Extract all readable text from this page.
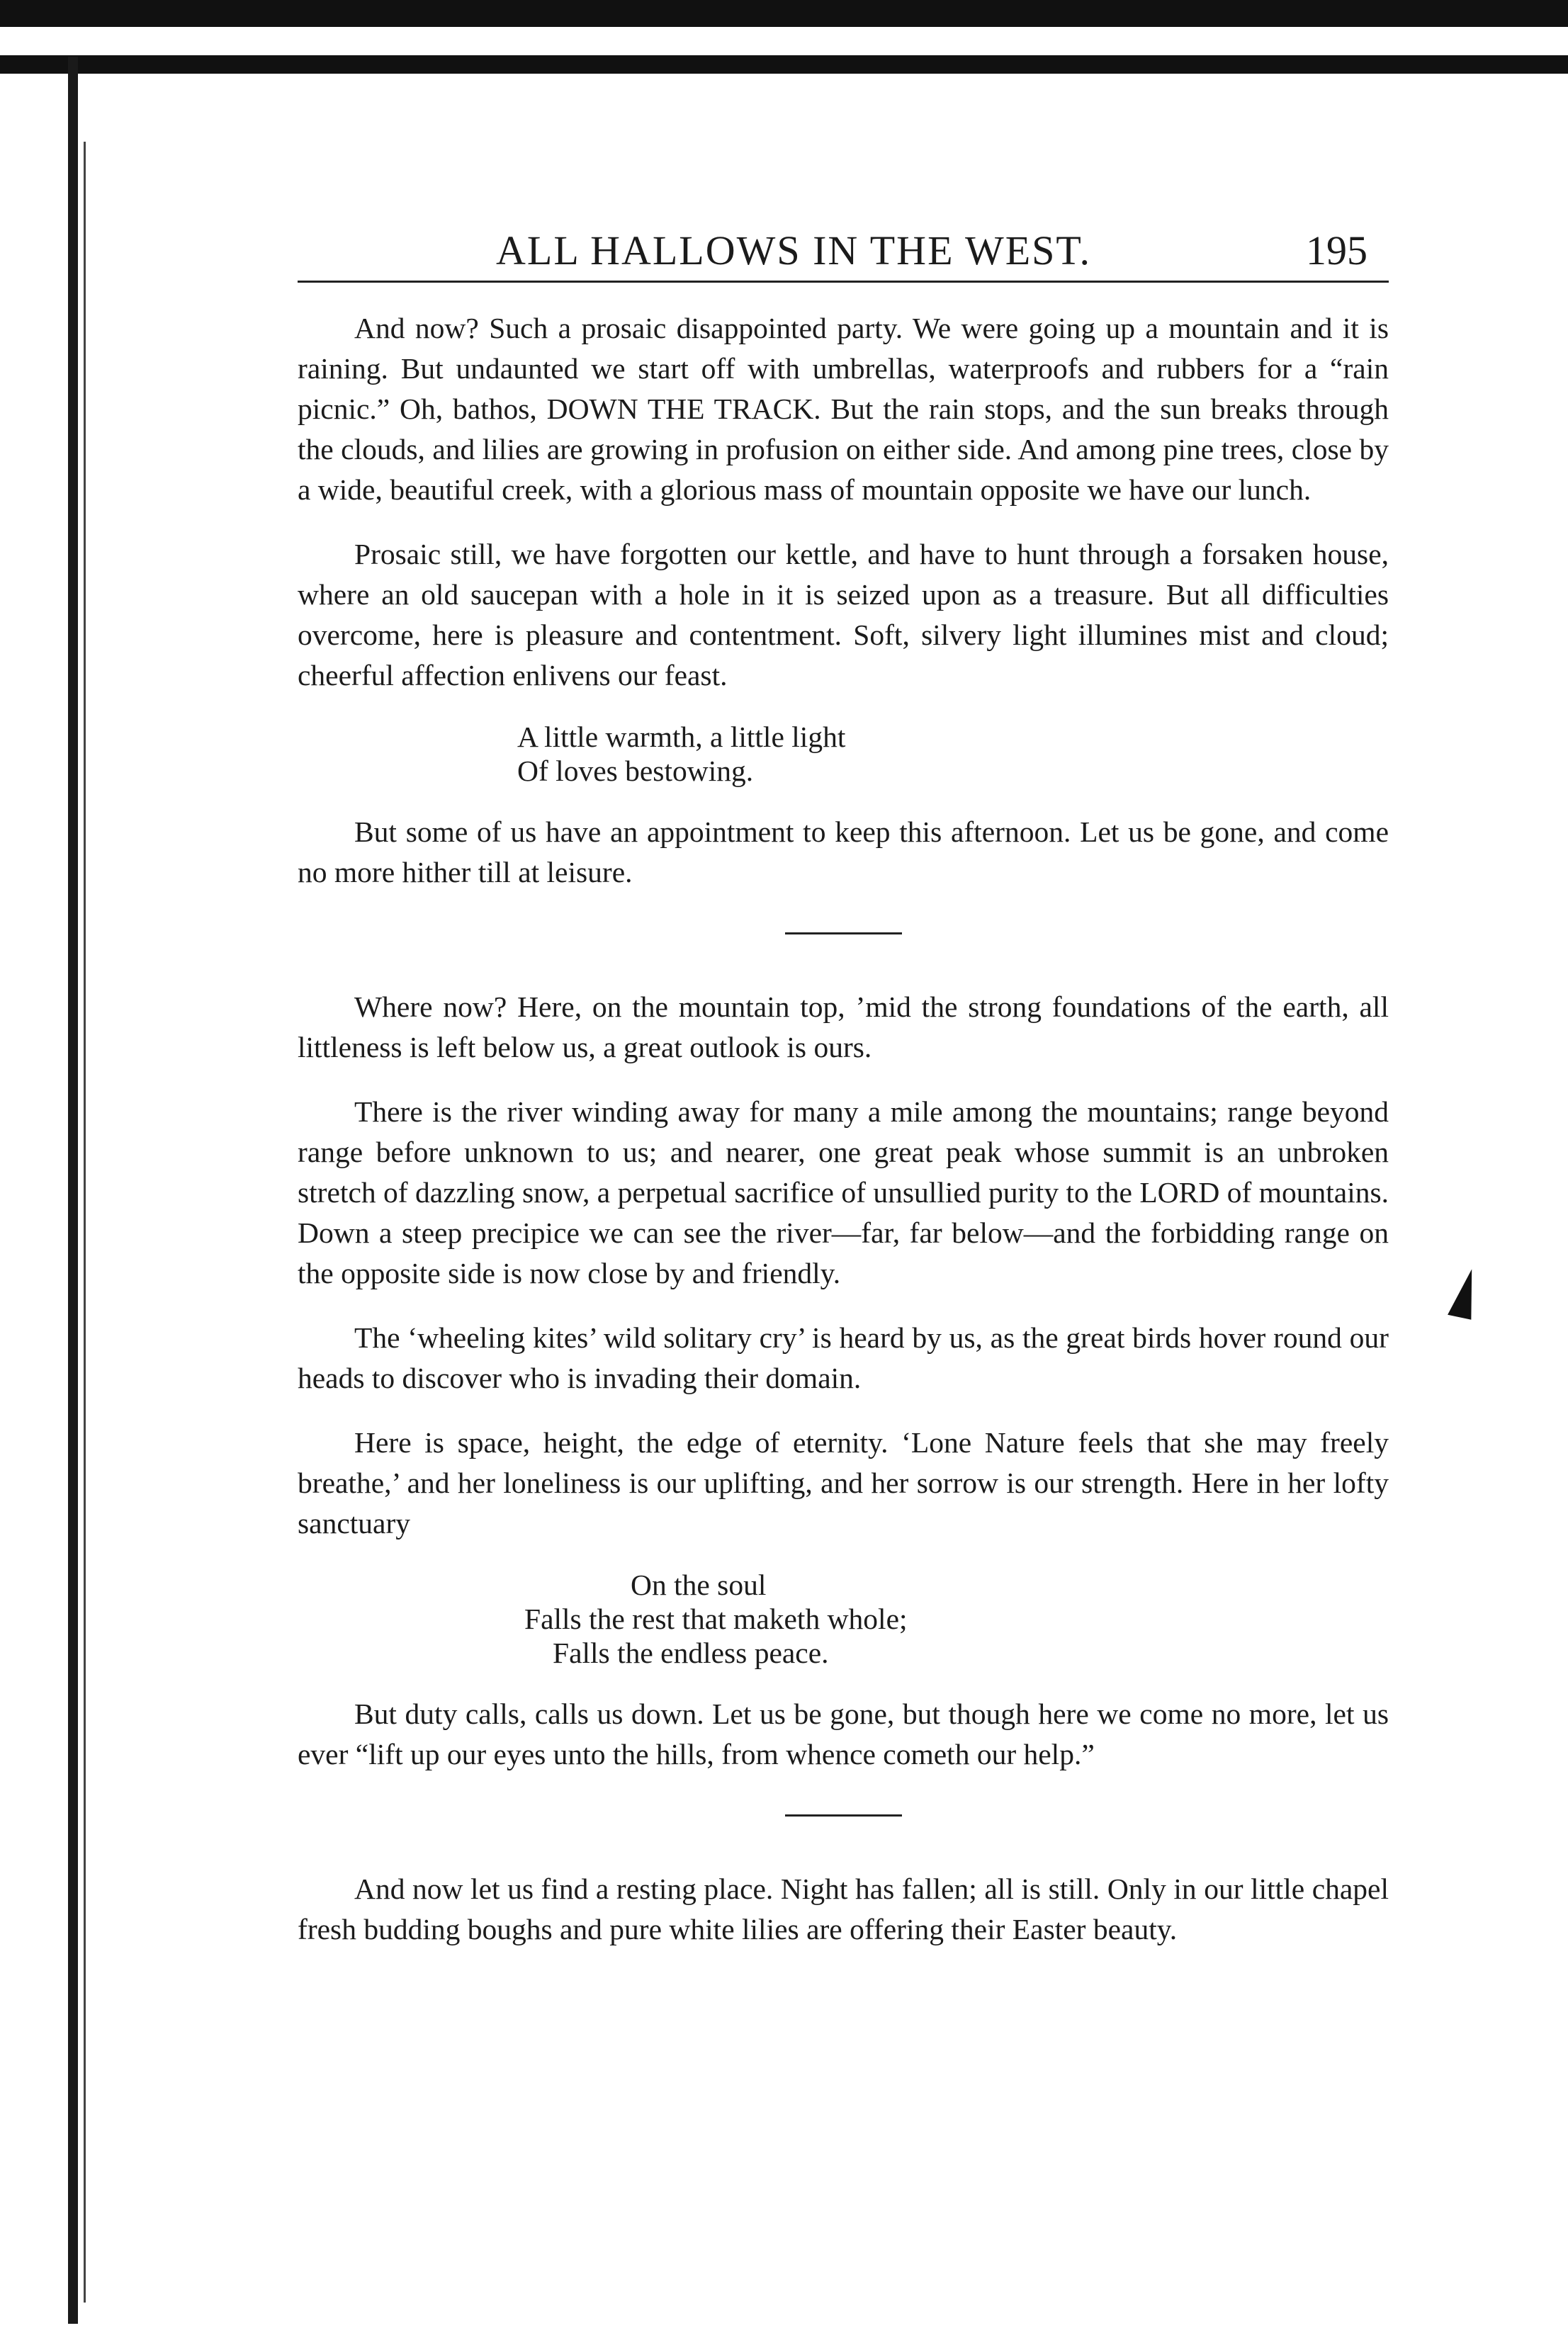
ALL HALLOWS IN THE WEST.	195

And now? Such a prosaic disappointed party. We were going up a mountain and it is raining. But undaunted we start off with umbrellas, waterproofs and rubbers for a “rain picnic.” Oh, bathos, DOWN THE TRACK. But the rain stops, and the sun breaks through the clouds, and lilies are growing in profusion on either side. And among pine trees, close by a wide, beautiful creek, with a glorious mass of mountain opposite we have our lunch.

Prosaic still, we have forgotten our kettle, and have to hunt through a forsaken house, where an old saucepan with a hole in it is seized upon as a treasure. But all difficulties overcome, here is pleasure and contentment. Soft, silvery light illumines mist and cloud; cheerful affection enlivens our feast.

A little warmth, a little light
Of loves bestowing.

But some of us have an appointment to keep this afternoon. Let us be gone, and come no more hither till at leisure.

Where now? Here, on the mountain top, ’mid the strong foundations of the earth, all littleness is left below us, a great outlook is ours.

There is the river winding away for many a mile among the mountains; range beyond range before unknown to us; and nearer, one great peak whose summit is an unbroken stretch of dazzling snow, a perpetual sacrifice of unsullied purity to the LORD of mountains. Down a steep precipice we can see the river—far, far below—and the forbidding range on the opposite side is now close by and friendly.

The ‘wheeling kites’ wild solitary cry’ is heard by us, as the great birds hover round our heads to discover who is invading their domain.

Here is space, height, the edge of eternity. ‘Lone Nature feels that she may freely breathe,’ and her loneliness is our uplifting, and her sorrow is our strength. Here in her lofty sanctuary

On the soul
Falls the rest that maketh whole;
Falls the endless peace.

But duty calls, calls us down. Let us be gone, but though here we come no more, let us ever “lift up our eyes unto the hills, from whence cometh our help.”

And now let us find a resting place. Night has fallen; all is still. Only in our little chapel fresh budding boughs and pure white lilies are offering their Easter beauty.
